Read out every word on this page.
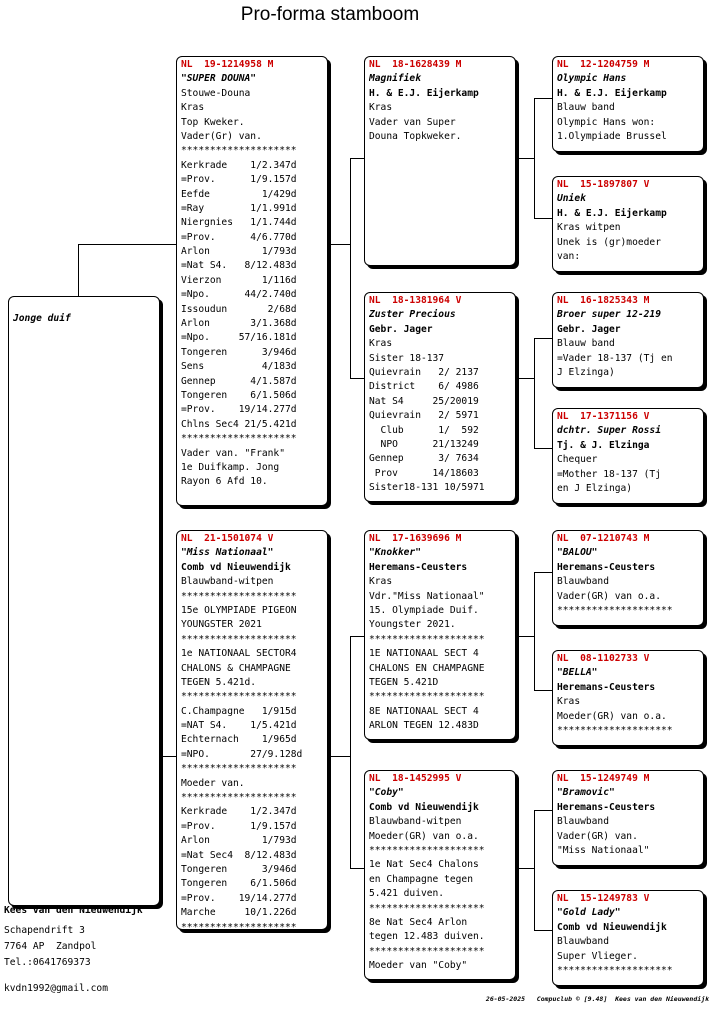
Pro-forma stamboom
Jonge duif
NL  19-1214958 M
"SUPER DOUNA"
Stouwe-Douna
Kras
Top Kweker.
Vader(Gr) van.
********************
Kerkrade    1/2.347d
=Prov.      1/9.157d
Eefde         1/429d
=Ray        1/1.991d
Niergnies   1/1.744d
=Prov.      4/6.770d
Arlon         1/793d
=Nat S4.   8/12.483d
Vierzon       1/116d
=Npo.      44/2.740d
Issoudun       2/68d
Arlon       3/1.368d
=Npo.     57/16.181d
Tongeren      3/946d
Sens          4/183d
Gennep      4/1.587d
Tongeren    6/1.506d
=Prov.    19/14.277d
Chlns Sec4 21/5.421d
********************
Vader van. "Frank"
1e Duifkamp. Jong
Rayon 6 Afd 10.
NL  21-1501074 V
"Miss Nationaal"
Comb vd Nieuwendijk
Blauwband-witpen
********************
15e OLYMPIADE PIGEON
YOUNGSTER 2021
********************
1e NATIONAAL SECTOR4
CHALONS & CHAMPAGNE
TEGEN 5.421d.
********************
C.Champagne   1/915d
=NAT S4.    1/5.421d
Echternach    1/965d
=NPO.       27/9.128d
********************
Moeder van.
********************
Kerkrade    1/2.347d
=Prov.      1/9.157d
Arlon         1/793d
=Nat Sec4  8/12.483d
Tongeren      3/946d
Tongeren    6/1.506d
=Prov.    19/14.277d
Marche     10/1.226d
********************
NL  18-1628439 M
Magnifiek
H. & E.J. Eijerkamp
Kras
Vader van Super
Douna Topkweker.
NL  18-1381964 V
Zuster Precious
Gebr. Jager
Kras
Sister 18-137
Quievrain   2/ 2137
District    6/ 4986
Nat S4     25/20019
Quievrain   2/ 5971
Club      1/  592
NPO      21/13249
Gennep      3/ 7634
Prov      14/18603
Sister18-131 10/5971
NL  17-1639696 M
"Knokker"
Heremans-Ceusters
Kras
Vdr."Miss Nationaal"
15. Olympiade Duif.
Youngster 2021.
********************
1E NATIONAAL SECT 4
CHALONS EN CHAMPAGNE
TEGEN 5.421D
********************
8E NATIONAAL SECT 4
ARLON TEGEN 12.483D
NL  18-1452995 V
"Coby"
Comb vd Nieuwendijk
Blauwband-witpen
Moeder(GR) van o.a.
********************
1e Nat Sec4 Chalons
en Champagne tegen
5.421 duiven.
********************
8e Nat Sec4 Arlon
tegen 12.483 duiven.
********************
Moeder van "Coby"
NL  12-1204759 M
Olympic Hans
H. & E.J. Eijerkamp
Blauw band
Olympic Hans won:
1.Olympiade Brussel
NL  15-1897807 V
Uniek
H. & E.J. Eijerkamp
Kras witpen
Unek is (gr)moeder
van:
NL  16-1825343 M
Broer super 12-219
Gebr. Jager
Blauw band
=Vader 18-137 (Tj en
J Elzinga)
NL  17-1371156 V
dchtr. Super Rossi
Tj. & J. Elzinga
Chequer
=Mother 18-137 (Tj
en J Elzinga)
NL  07-1210743 M
"BALOU"
Heremans-Ceusters
Blauwband
Vader(GR) van o.a.
********************
NL  08-1102733 V
"BELLA"
Heremans-Ceusters
Kras
Moeder(GR) van o.a.
********************
NL  15-1249749 M
"Bramovic"
Heremans-Ceusters
Blauwband
Vader(GR) van.
"Miss Nationaal"
NL  15-1249783 V
"Gold Lady"
Comb vd Nieuwendijk
Blauwband
Super Vlieger.
********************
Kees van den Nieuwendijk
Schapendrift 3
7764 AP  Zandpol
Tel.:0641769373
kvdn1992@gmail.com
26-05-2025 Compuclub © [9.48] Kees van den Nieuwendijk
